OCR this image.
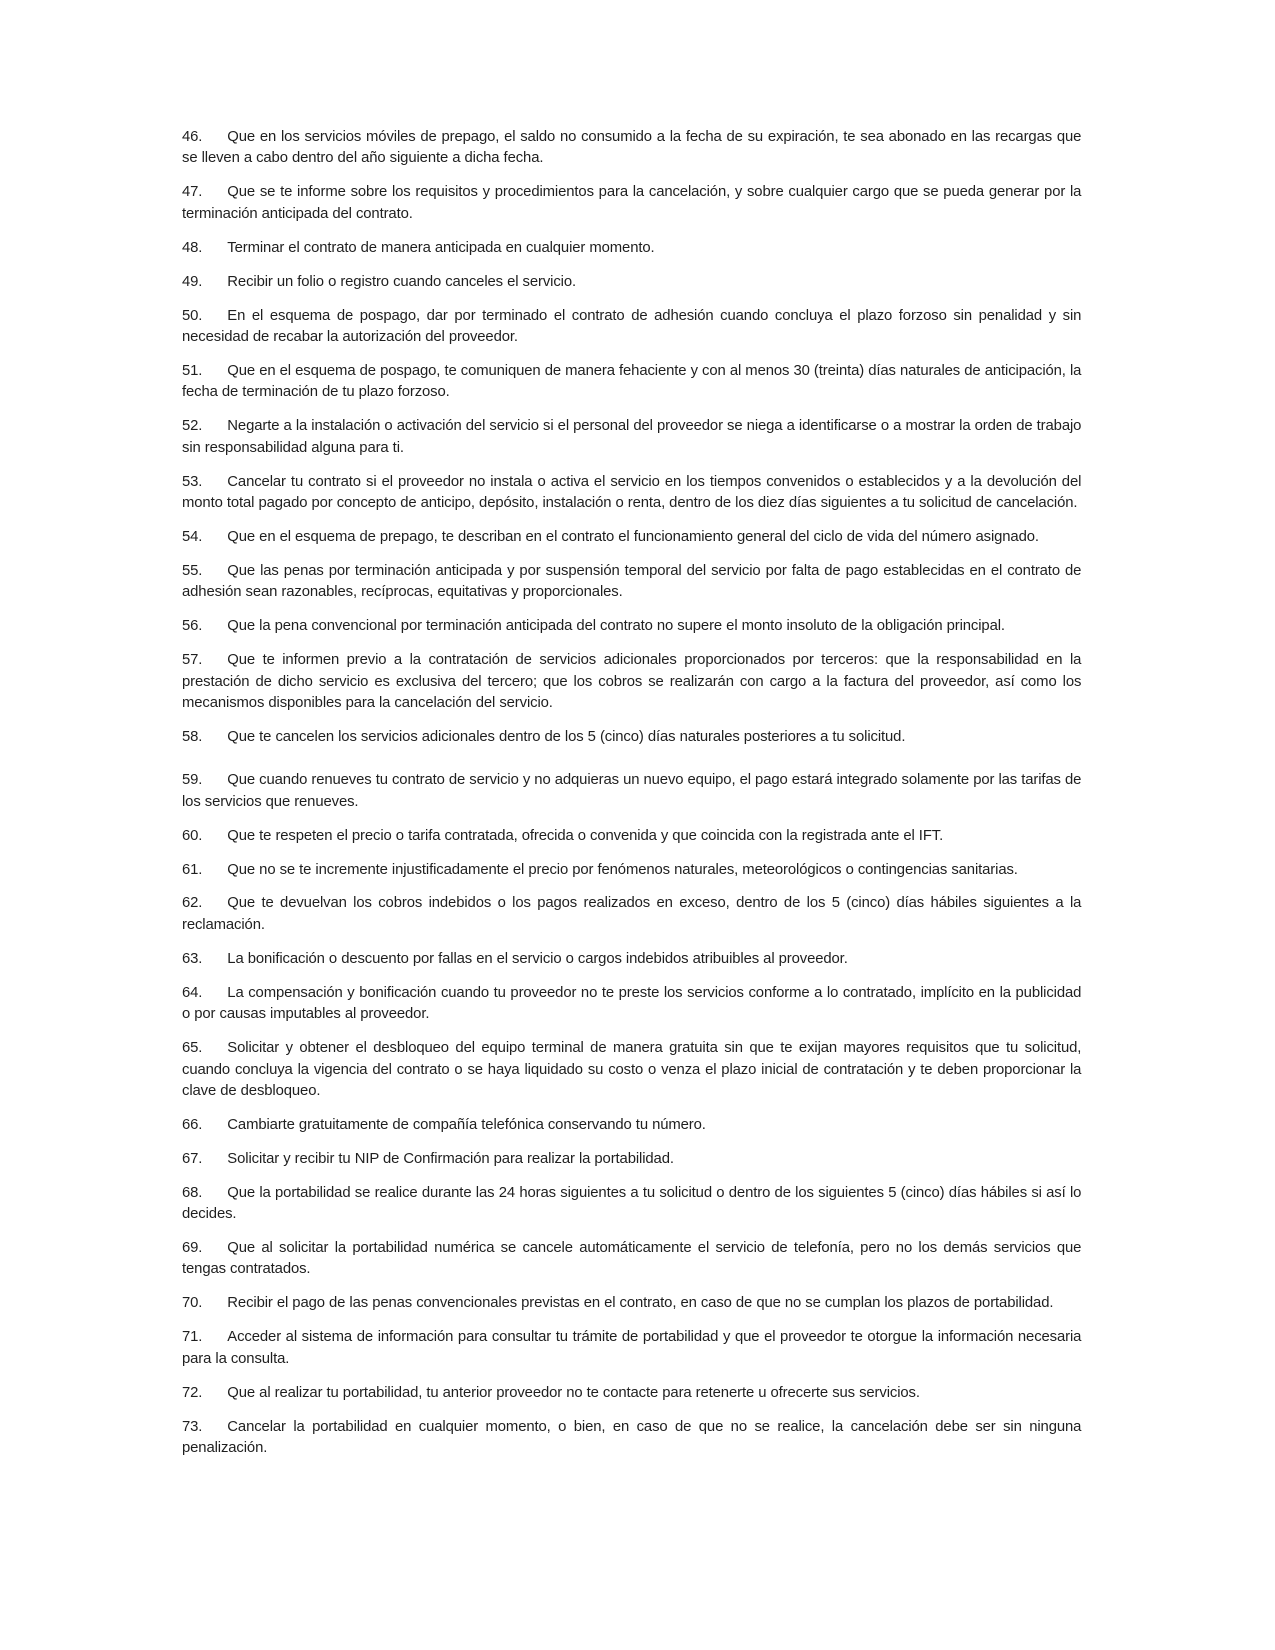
46. Que en los servicios móviles de prepago, el saldo no consumido a la fecha de su expiración, te sea abonado en las recargas que se lleven a cabo dentro del año siguiente a dicha fecha.

47. Que se te informe sobre los requisitos y procedimientos para la cancelación, y sobre cualquier cargo que se pueda generar por la terminación anticipada del contrato.

48. Terminar el contrato de manera anticipada en cualquier momento.

49. Recibir un folio o registro cuando canceles el servicio.

50. En el esquema de pospago, dar por terminado el contrato de adhesión cuando concluya el plazo forzoso sin penalidad y sin necesidad de recabar la autorización del proveedor.

51. Que en el esquema de pospago, te comuniquen de manera fehaciente y con al menos 30 (treinta) días naturales de anticipación, la fecha de terminación de tu plazo forzoso.

52. Negarte a la instalación o activación del servicio si el personal del proveedor se niega a identificarse o a mostrar la orden de trabajo sin responsabilidad alguna para ti.

53. Cancelar tu contrato si el proveedor no instala o activa el servicio en los tiempos convenidos o establecidos y a la devolución del monto total pagado por concepto de anticipo, depósito, instalación o renta, dentro de los diez días siguientes a tu solicitud de cancelación.

54. Que en el esquema de prepago, te describan en el contrato el funcionamiento general del ciclo de vida del número asignado.

55. Que las penas por terminación anticipada y por suspensión temporal del servicio por falta de pago establecidas en el contrato de adhesión sean razonables, recíprocas, equitativas y proporcionales.

56. Que la pena convencional por terminación anticipada del contrato no supere el monto insoluto de la obligación principal.

57. Que te informen previo a la contratación de servicios adicionales proporcionados por terceros: que la responsabilidad en la prestación de dicho servicio es exclusiva del tercero; que los cobros se realizarán con cargo a la factura del proveedor, así como los mecanismos disponibles para la cancelación del servicio.

58. Que te cancelen los servicios adicionales dentro de los 5 (cinco) días naturales posteriores a tu solicitud.

59. Que cuando renueves tu contrato de servicio y no adquieras un nuevo equipo, el pago estará integrado solamente por las tarifas de los servicios que renueves.

60. Que te respeten el precio o tarifa contratada, ofrecida o convenida y que coincida con la registrada ante el IFT.

61. Que no se te incremente injustificadamente el precio por fenómenos naturales, meteorológicos o contingencias sanitarias.

62. Que te devuelvan los cobros indebidos o los pagos realizados en exceso, dentro de los 5 (cinco) días hábiles siguientes a la reclamación.

63. La bonificación o descuento por fallas en el servicio o cargos indebidos atribuibles al proveedor.

64. La compensación y bonificación cuando tu proveedor no te preste los servicios conforme a lo contratado, implícito en la publicidad o por causas imputables al proveedor.

65. Solicitar y obtener el desbloqueo del equipo terminal de manera gratuita sin que te exijan mayores requisitos que tu solicitud, cuando concluya la vigencia del contrato o se haya liquidado su costo o venza el plazo inicial de contratación y te deben proporcionar la clave de desbloqueo.

66. Cambiarte gratuitamente de compañía telefónica conservando tu número.

67. Solicitar y recibir tu NIP de Confirmación para realizar la portabilidad.

68. Que la portabilidad se realice durante las 24 horas siguientes a tu solicitud o dentro de los siguientes 5 (cinco) días hábiles si así lo decides.

69. Que al solicitar la portabilidad numérica se cancele automáticamente el servicio de telefonía, pero no los demás servicios que tengas contratados.

70. Recibir el pago de las penas convencionales previstas en el contrato, en caso de que no se cumplan los plazos de portabilidad.

71. Acceder al sistema de información para consultar tu trámite de portabilidad y que el proveedor te otorgue la información necesaria para la consulta.

72. Que al realizar tu portabilidad, tu anterior proveedor no te contacte para retenerte u ofrecerte sus servicios.

73. Cancelar la portabilidad en cualquier momento, o bien, en caso de que no se realice, la cancelación debe ser sin ninguna penalización.
